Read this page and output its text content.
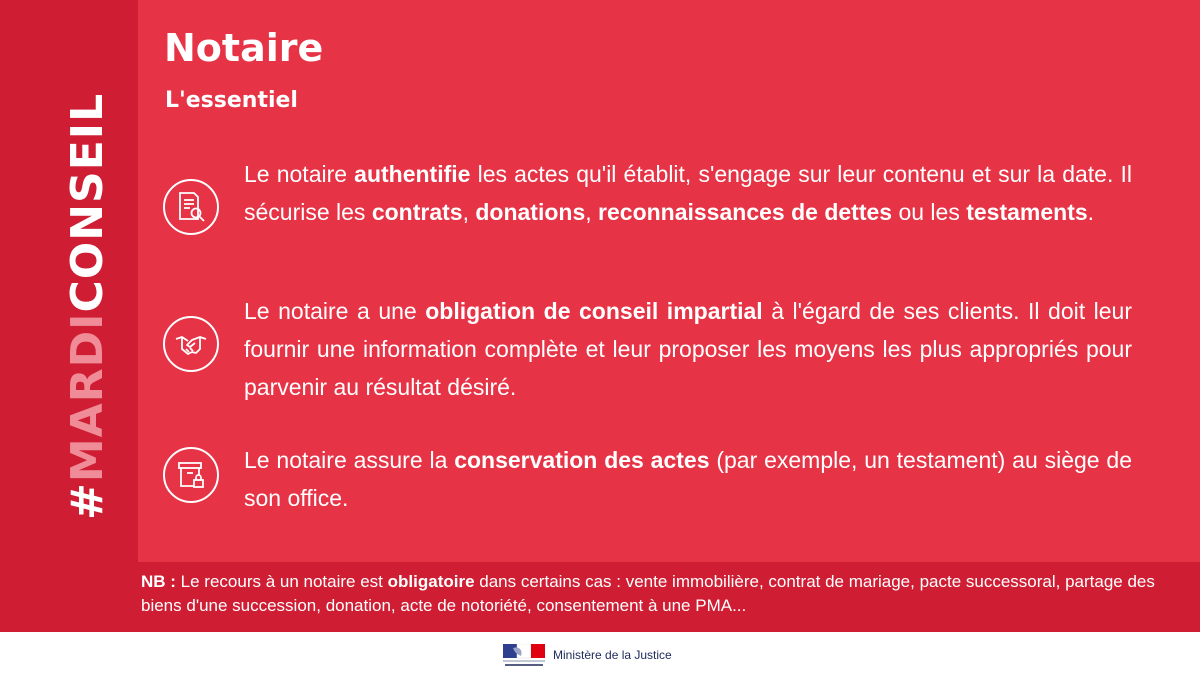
#MARDICONSEIL
Notaire
L'essentiel

Le notaire authentifie les actes qu'il établit, s'engage sur leur contenu et sur la date. Il sécurise les contrats, donations, reconnaissances de dettes ou les testaments.

Le notaire a une obligation de conseil impartial à l'égard de ses clients. Il doit leur fournir une information complète et leur proposer les moyens les plus appropriés pour parvenir au résultat désiré.

Le notaire assure la conservation des actes (par exemple, un testament) au siège de son office.

NB : Le recours à un notaire est obligatoire dans certains cas : vente immobilière, contrat de mariage, pacte successoral, partage des biens d'une succession, donation, acte de notoriété, consentement à une PMA...

Ministère de la Justice
